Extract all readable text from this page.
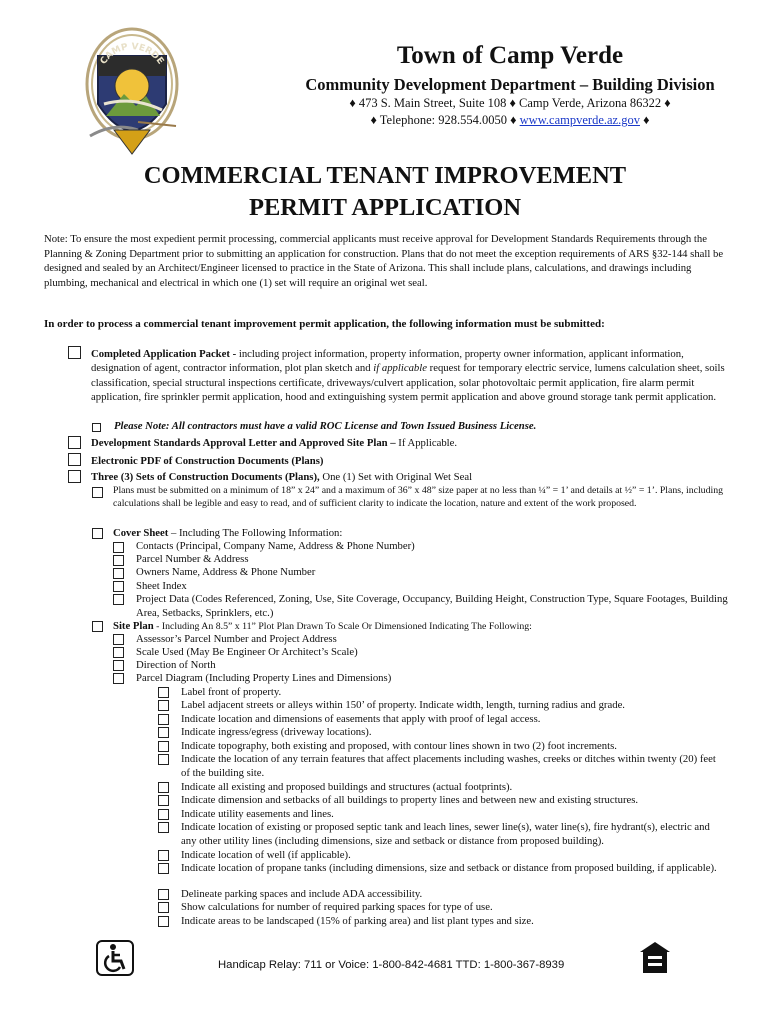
CAMP VERDE	Town of Camp Verde
Community Development Department – Building Division
♦ 473 S. Main Street, Suite 108 ♦ Camp Verde, Arizona 86322 ♦
♦ Telephone: 928.554.0050 ♦ www.campverde.az.gov ♦
COMMERCIAL TENANT IMPROVEMENT
PERMIT APPLICATION
Note: To ensure the most expedient permit processing, commercial applicants must receive approval for Development Standards Requirements through the Planning & Zoning Department prior to submitting an application for construction. Plans that do not meet the exception requirements of ARS §32-144 shall be designed and sealed by an Architect/Engineer licensed to practice in the State of Arizona. This shall include plans, calculations, and drawings including plumbing, mechanical and electrical in which one (1) set will require an original wet seal.
In order to process a commercial tenant improvement permit application, the following information must be submitted:
Completed Application Packet - including project information, property information, property owner information, applicant information, designation of agent, contractor information, plot plan sketch and if applicable request for temporary electric service, lumens calculation sheet, soils classification, special structural inspections certificate, driveways/culvert application, solar photovoltaic permit application, fire alarm permit application, fire sprinkler permit application, hood and extinguishing system permit application and above ground storage tank permit application.
Please Note: All contractors must have a valid ROC License and Town Issued Business License.
Development Standards Approval Letter and Approved Site Plan – If Applicable.
Electronic PDF of Construction Documents (Plans)
Three (3) Sets of Construction Documents (Plans), One (1) Set with Original Wet Seal
Plans must be submitted on a minimum of 18” x 24” and a maximum of 36” x 48” size paper at no less than ¼” = 1’ and details at ½” = 1’. Plans, including calculations shall be legible and easy to read, and of sufficient clarity to indicate the location, nature and extent of the work proposed.
Cover Sheet – Including The Following Information:
Contacts (Principal, Company Name, Address & Phone Number)
Parcel Number & Address
Owners Name, Address & Phone Number
Sheet Index
Project Data (Codes Referenced, Zoning, Use, Site Coverage, Occupancy, Building Height, Construction Type, Square Footages, Building Area, Setbacks, Sprinklers, etc.)
Site Plan - Including An 8.5” x 11” Plot Plan Drawn To Scale Or Dimensioned Indicating The Following:
Assessor’s Parcel Number and Project Address
Scale Used (May Be Engineer Or Architect’s Scale)
Direction of North
Parcel Diagram (Including Property Lines and Dimensions)
Label front of property.
Label adjacent streets or alleys within 150’ of property. Indicate width, length, turning radius and grade.
Indicate location and dimensions of easements that apply with proof of legal access.
Indicate ingress/egress (driveway locations).
Indicate topography, both existing and proposed, with contour lines shown in two (2) foot increments.
Indicate the location of any terrain features that affect placements including washes, creeks or ditches within twenty (20) feet of the building site.
Indicate all existing and proposed buildings and structures (actual footprints).
Indicate dimension and setbacks of all buildings to property lines and between new and existing structures.
Indicate utility easements and lines.
Indicate location of existing or proposed septic tank and leach lines, sewer line(s), water line(s), fire hydrant(s), electric and any other utility lines (including dimensions, size and setback or distance from proposed building).
Indicate location of well (if applicable).
Indicate location of propane tanks (including dimensions, size and setback or distance from proposed building, if applicable).
Delineate parking spaces and include ADA accessibility.
Show calculations for number of required parking spaces for type of use.
Indicate areas to be landscaped (15% of parking area) and list plant types and size.
Handicap Relay: 711 or Voice: 1-800-842-4681 TTD: 1-800-367-8939
